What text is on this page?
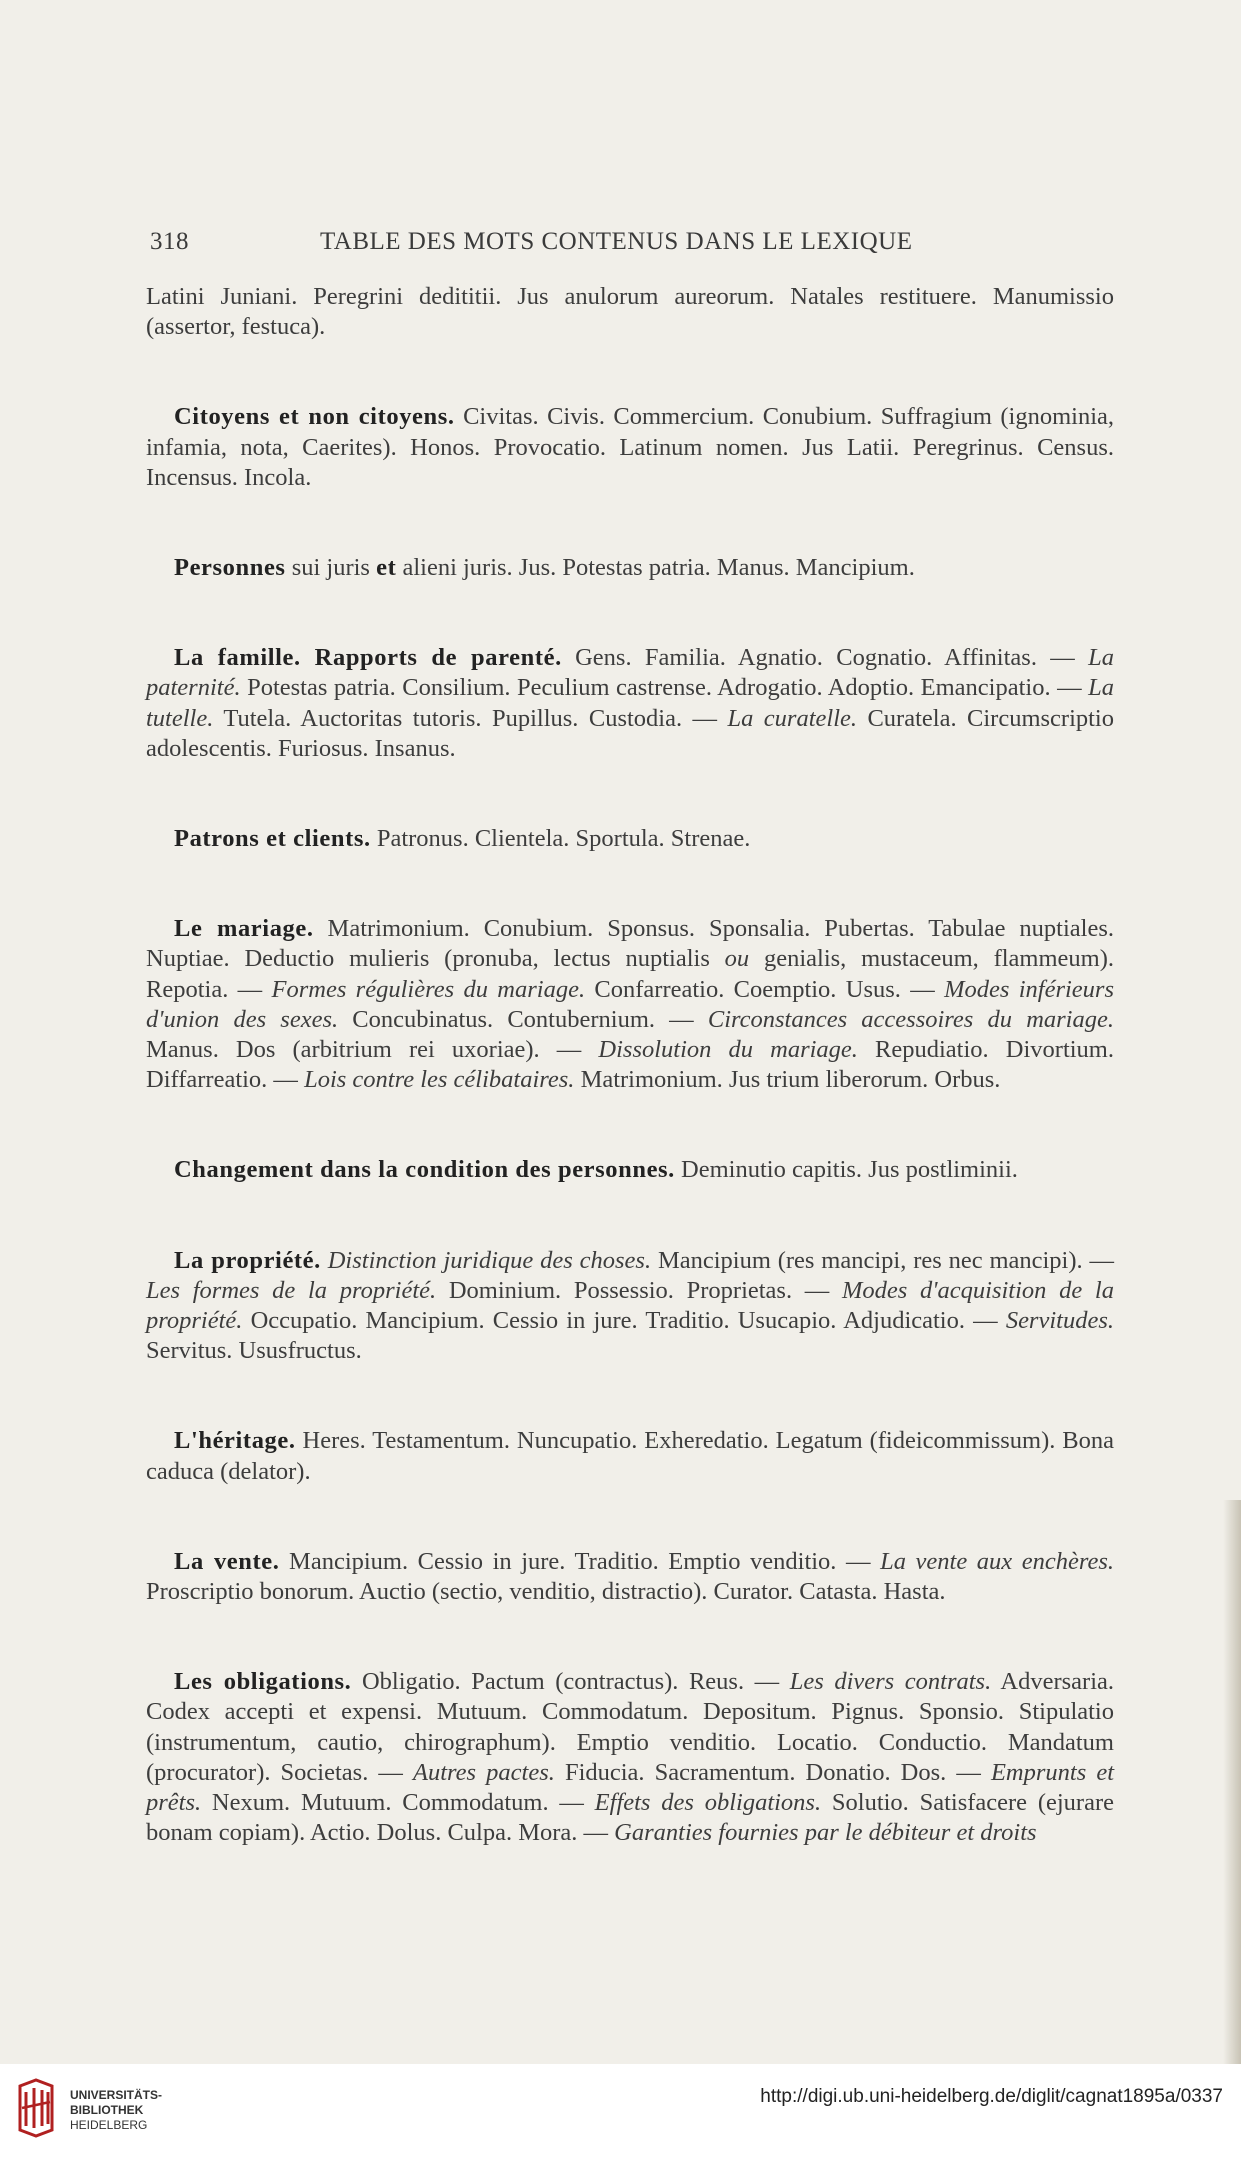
318	TABLE DES MOTS CONTENUS DANS LE LEXIQUE

Latini Juniani. Peregrini dedititii. Jus anulorum aureorum. Natales restituere. Manumissio (assertor, festuca).

Citoyens et non citoyens. Civitas. Civis. Commercium. Conubium. Suffragium (ignominia, infamia, nota, Caerites). Honos. Provocatio. Latinum nomen. Jus Latii. Peregrinus. Census. Incensus. Incola.

Personnes sui juris et alieni juris. Jus. Potestas patria. Manus. Mancipium.

La famille. Rapports de parenté. Gens. Familia. Agnatio. Cognatio. Affinitas. — La paternité. Potestas patria. Consilium. Peculium castrense. Adrogatio. Adoptio. Emancipatio. — La tutelle. Tutela. Auctoritas tutoris. Pupillus. Custodia. — La curatelle. Curatela. Circumscriptio adolescentis. Furiosus. Insanus.

Patrons et clients. Patronus. Clientela. Sportula. Strenae.

Le mariage. Matrimonium. Conubium. Sponsus. Sponsalia. Pubertas. Tabulae nuptiales. Nuptiae. Deductio mulieris (pronuba, lectus nuptialis ou genialis, mustaceum, flammeum). Repotia. — Formes régulières du mariage. Confarreatio. Coemptio. Usus. — Modes inférieurs d'union des sexes. Concubinatus. Contubernium. — Circonstances accessoires du mariage. Manus. Dos (arbitrium rei uxoriae). — Dissolution du mariage. Repudiatio. Divortium. Diffarreatio. — Lois contre les célibataires. Matrimonium. Jus trium liberorum. Orbus.

Changement dans la condition des personnes. Deminutio capitis. Jus postliminii.

La propriété. Distinction juridique des choses. Mancipium (res mancipi, res nec mancipi). — Les formes de la propriété. Dominium. Possessio. Proprietas. — Modes d'acquisition de la propriété. Occupatio. Mancipium. Cessio in jure. Traditio. Usucapio. Adjudicatio. — Servitudes. Servitus. Ususfructus.

L'héritage. Heres. Testamentum. Nuncupatio. Exheredatio. Legatum (fideicommissum). Bona caduca (delator).

La vente. Mancipium. Cessio in jure. Traditio. Emptio venditio. — La vente aux enchères. Proscriptio bonorum. Auctio (sectio, venditio, distractio). Curator. Catasta. Hasta.

Les obligations. Obligatio. Pactum (contractus). Reus. — Les divers contrats. Adversaria. Codex accepti et expensi. Mutuum. Commodatum. Depositum. Pignus. Sponsio. Stipulatio (instrumentum, cautio, chirographum). Emptio venditio. Locatio. Conductio. Mandatum (procurator). Societas. — Autres pactes. Fiducia. Sacramentum. Donatio. Dos. — Emprunts et prêts. Nexum. Mutuum. Commodatum. — Effets des obligations. Solutio. Satisfacere (ejurare bonam copiam). Actio. Dolus. Culpa. Mora. — Garanties fournies par le débiteur et droits

UNIVERSITÄTS-
BIBLIOTHEK
HEIDELBERG
http://digi.ub.uni-heidelberg.de/diglit/cagnat1895a/0337
